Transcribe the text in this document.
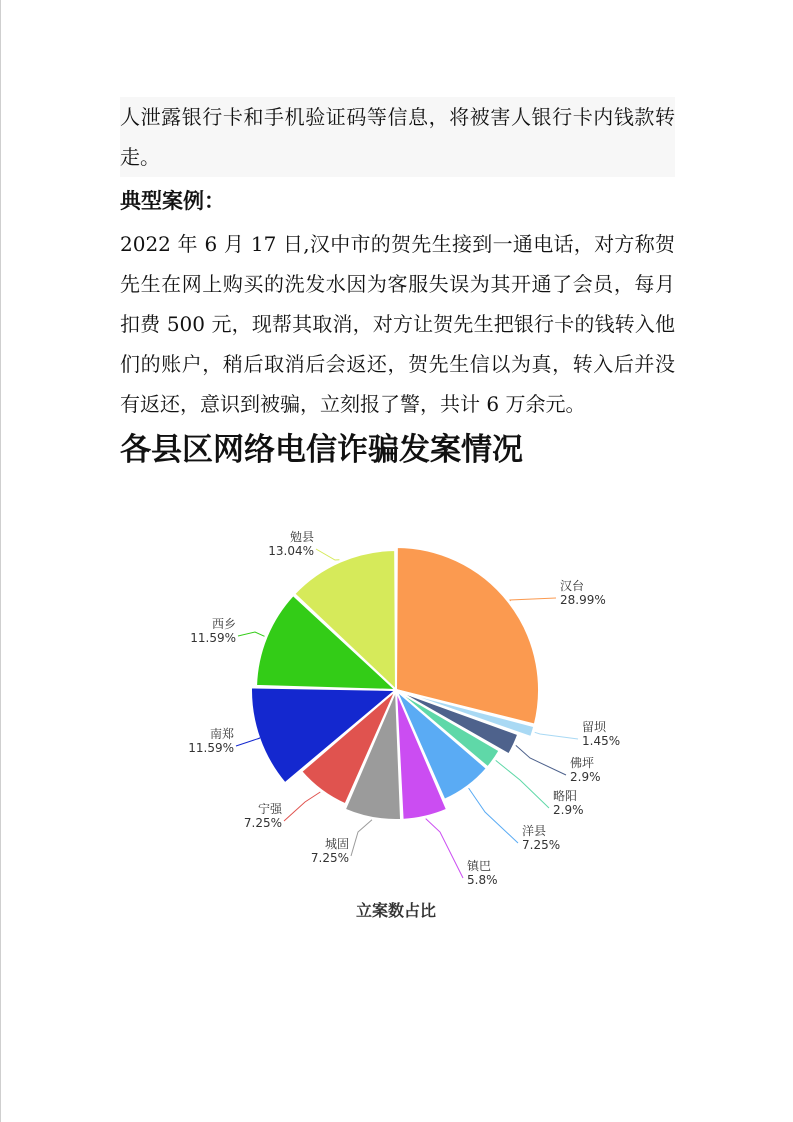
人泄露银行卡和手机验证码等信息，将被害人银行卡内钱款转走。
典型案例：
2022 年 6 月 17 日,汉中市的贺先生接到一通电话，对方称贺先生在网上购买的洗发水因为客服失误为其开通了会员，每月扣费 500 元，现帮其取消，对方让贺先生把银行卡的钱转入他们的账户，稍后取消后会返还，贺先生信以为真，转入后并没有返还，意识到被骗，立刻报了警，共计 6 万余元。
各县区网络电信诈骗发案情况
汉台
28.99%
留坝
1.45%
佛坪
2.9%
略阳
2.9%
洋县
7.25%
镇巴
5.8%
城固
7.25%
宁强
7.25%
南郑
11.59%
西乡
11.59%
勉县
13.04%
立案数占比
